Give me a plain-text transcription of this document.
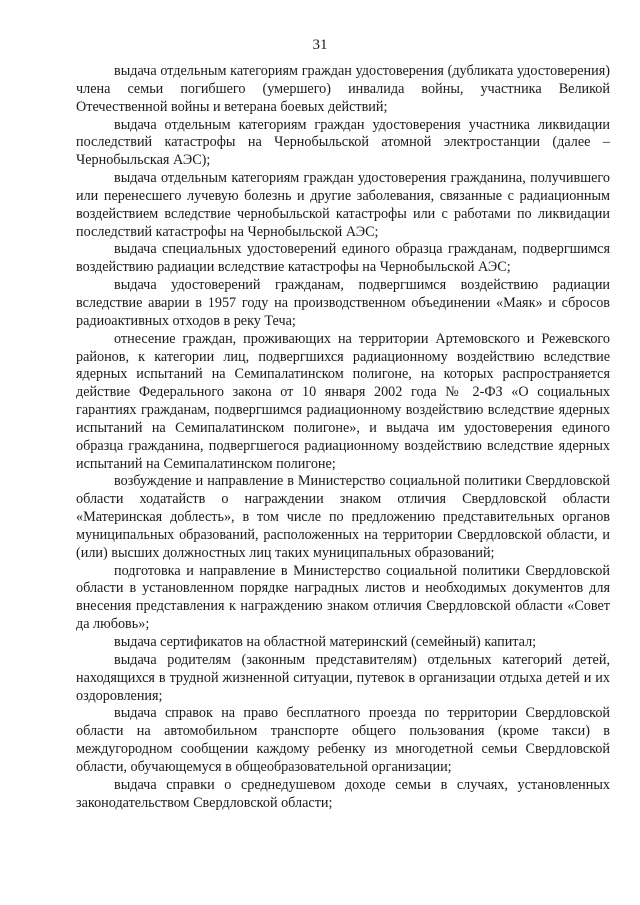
31

выдача отдельным категориям граждан удостоверения (дубликата удостоверения) члена семьи погибшего (умершего) инвалида войны, участника Великой Отечественной войны и ветерана боевых действий;

выдача отдельным категориям граждан удостоверения участника ликвидации последствий катастрофы на Чернобыльской атомной электростанции (далее – Чернобыльская АЭС);

выдача отдельным категориям граждан удостоверения гражданина, получившего или перенесшего лучевую болезнь и другие заболевания, связанные с радиационным воздействием вследствие чернобыльской катастрофы или с работами по ликвидации последствий катастрофы на Чернобыльской АЭС;

выдача специальных удостоверений единого образца гражданам, подвергшимся воздействию радиации вследствие катастрофы на Чернобыльской АЭС;

выдача удостоверений гражданам, подвергшимся воздействию радиации вследствие аварии в 1957 году на производственном объединении «Маяк» и сбросов радиоактивных отходов в реку Теча;

отнесение граждан, проживающих на территории Артемовского и Режевского районов, к категории лиц, подвергшихся радиационному воздействию вследствие ядерных испытаний на Семипалатинском полигоне, на которых распространяется действие Федерального закона от 10 января 2002 года № 2-ФЗ «О социальных гарантиях гражданам, подвергшимся радиационному воздействию вследствие ядерных испытаний на Семипалатинском полигоне», и выдача им удостоверения единого образца гражданина, подвергшегося радиационному воздействию вследствие ядерных испытаний на Семипалатинском полигоне;

возбуждение и направление в Министерство социальной политики Свердловской области ходатайств о награждении знаком отличия Свердловской области «Материнская доблесть», в том числе по предложению представительных органов муниципальных образований, расположенных на территории Свердловской области, и (или) высших должностных лиц таких муниципальных образований;

подготовка и направление в Министерство социальной политики Свердловской области в установленном порядке наградных листов и необходимых документов для внесения представления к награждению знаком отличия Свердловской области «Совет да любовь»;

выдача сертификатов на областной материнский (семейный) капитал;

выдача родителям (законным представителям) отдельных категорий детей, находящихся в трудной жизненной ситуации, путевок в организации отдыха детей и их оздоровления;

выдача справок на право бесплатного проезда по территории Свердловской области на автомобильном транспорте общего пользования (кроме такси) в междугородном сообщении каждому ребенку из многодетной семьи Свердловской области, обучающемуся в общеобразовательной организации;

выдача справки о среднедушевом доходе семьи в случаях, установленных законодательством Свердловской области;
